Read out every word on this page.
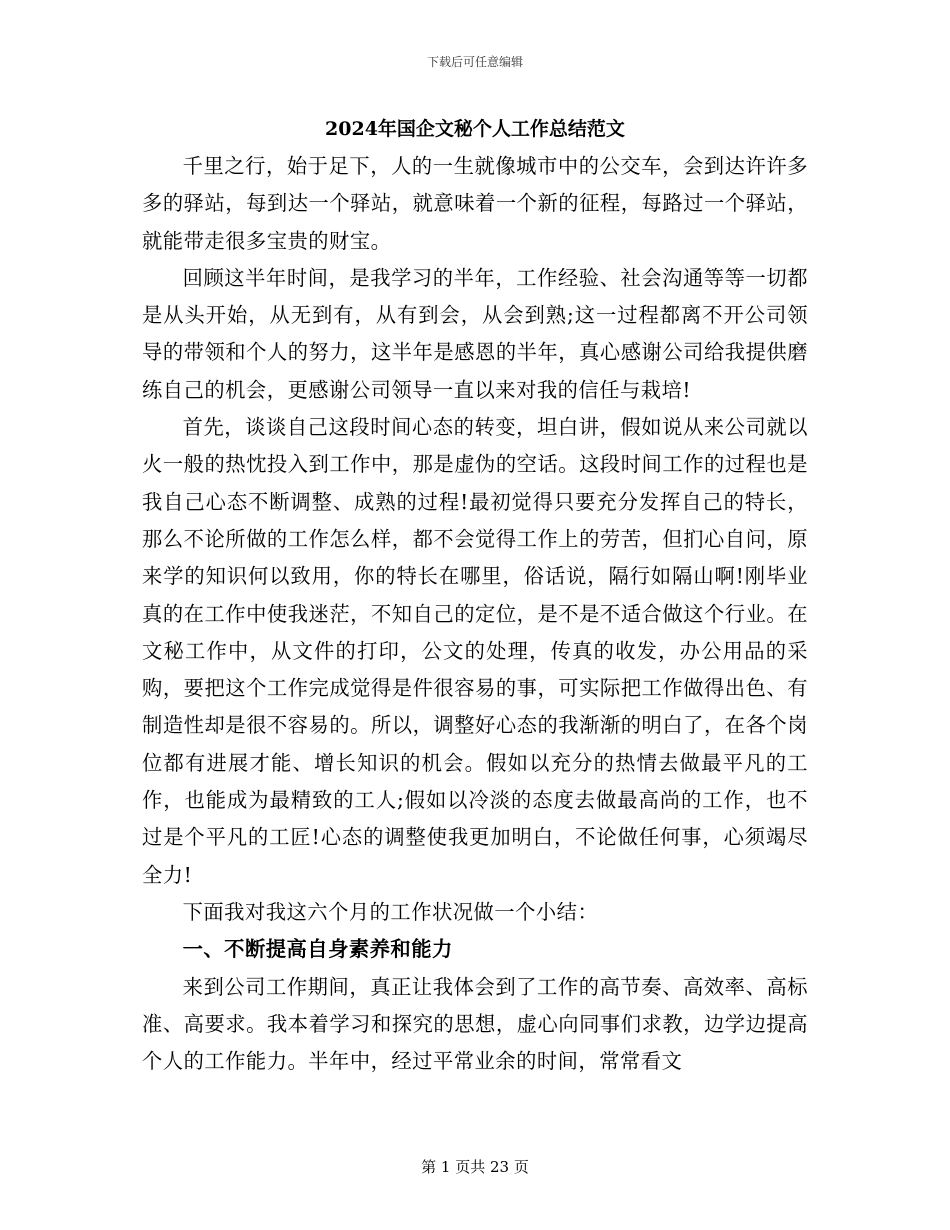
下载后可任意编辑
2024年国企文秘个人工作总结范文

千里之行，始于足下，人的一生就像城市中的公交车，会到达许许多多的驿站，每到达一个驿站，就意味着一个新的征程，每路过一个驿站，就能带走很多宝贵的财宝。

回顾这半年时间，是我学习的半年，工作经验、社会沟通等等一切都是从头开始，从无到有，从有到会，从会到熟;这一过程都离不开公司领导的带领和个人的努力，这半年是感恩的半年，真心感谢公司给我提供磨练自己的机会，更感谢公司领导一直以来对我的信任与栽培!

首先，谈谈自己这段时间心态的转变，坦白讲，假如说从来公司就以火一般的热忱投入到工作中，那是虚伪的空话。这段时间工作的过程也是我自己心态不断调整、成熟的过程!最初觉得只要充分发挥自己的特长，那么不论所做的工作怎么样，都不会觉得工作上的劳苦，但扪心自问，原来学的知识何以致用，你的特长在哪里，俗话说，隔行如隔山啊!刚毕业真的在工作中使我迷茫，不知自己的定位，是不是不适合做这个行业。在文秘工作中，从文件的打印，公文的处理，传真的收发，办公用品的采购，要把这个工作完成觉得是件很容易的事，可实际把工作做得出色、有制造性却是很不容易的。所以，调整好心态的我渐渐的明白了，在各个岗位都有进展才能、增长知识的机会。假如以充分的热情去做最平凡的工作，也能成为最精致的工人;假如以冷淡的态度去做最高尚的工作，也不过是个平凡的工匠!心态的调整使我更加明白，不论做任何事，心须竭尽全力!

下面我对我这六个月的工作状况做一个小结：

一、不断提高自身素养和能力

来到公司工作期间，真正让我体会到了工作的高节奏、高效率、高标准、高要求。我本着学习和探究的思想，虚心向同事们求教，边学边提高个人的工作能力。半年中，经过平常业余的时间，常常看文

第 1 页共 23 页
